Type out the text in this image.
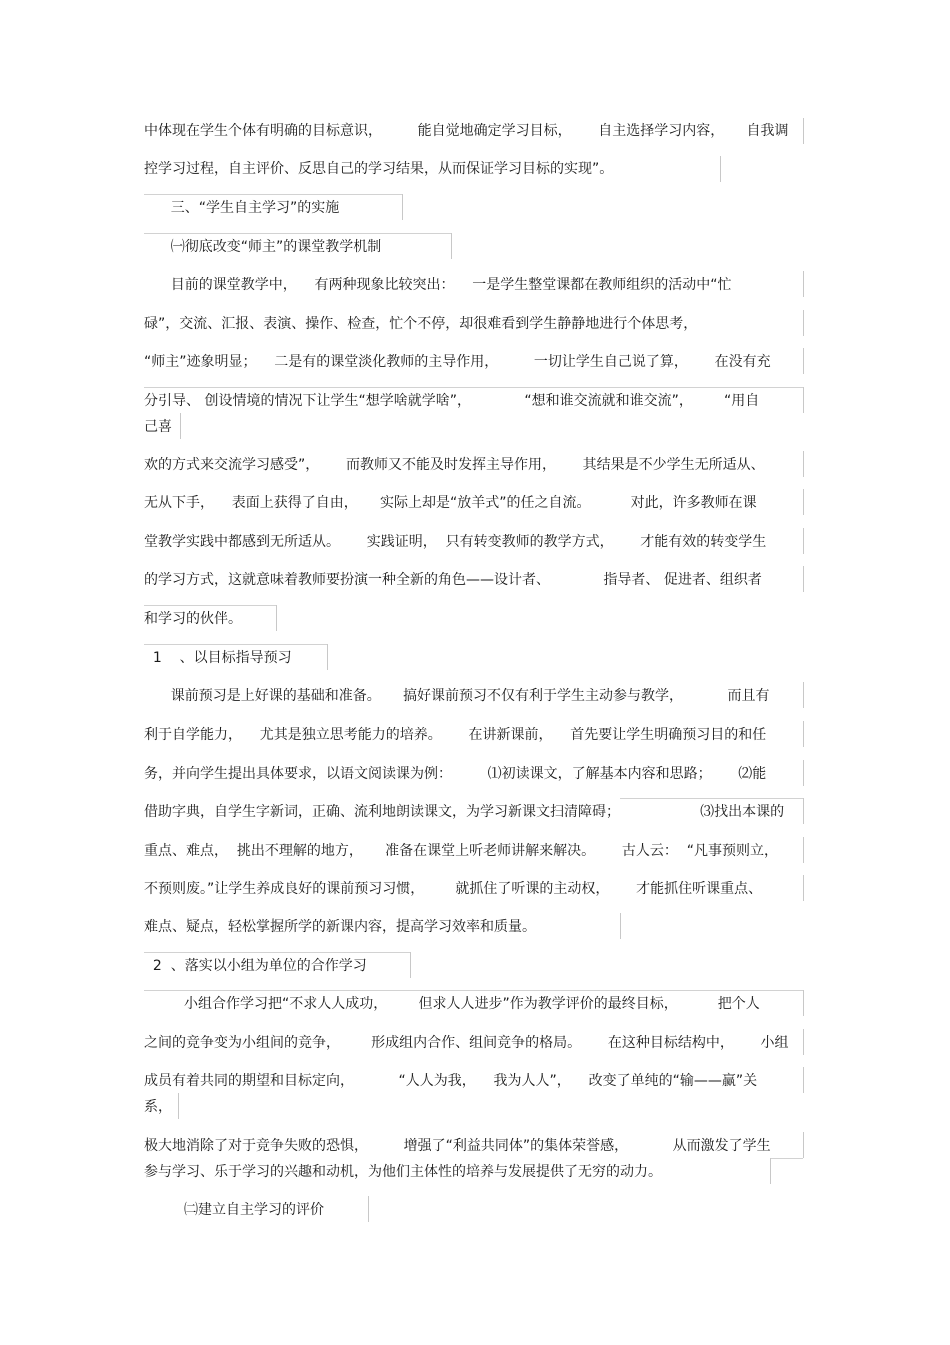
中体现在学生个体有明确的目标意识，        能自觉地确定学习目标，      自主选择学习内容，     自我调
控学习过程，自主评价、反思自己的学习结果，从而保证学习目标的实现”。
三、“学生自主学习”的实施
㈠彻底改变“师主”的课堂教学机制
目前的课堂教学中，    有两种现象比较突出：    一是学生整堂课都在教师组织的活动中“忙
碌”，交流、汇报、表演、操作、检查，忙个不停，却很难看到学生静静地进行个体思考，
“师主”迹象明显；    二是有的课堂淡化教师的主导作用，        一切让学生自己说了算，      在没有充
分引导、 创设情境的情况下让学生“想学啥就学啥”，            “想和谁交流就和谁交流”，       “用自
己喜
欢的方式来交流学习感受”，      而教师又不能及时发挥主导作用，      其结果是不少学生无所适从、
无从下手，    表面上获得了自由，     实际上却是“放羊式”的任之自流。         对此，许多教师在课
堂教学实践中都感到无所适从。      实践证明，  只有转变教师的教学方式，      才能有效的转变学生
的学习方式，这就意味着教师要扮演一种全新的角色——设计者、            指导者、 促进者、组织者
和学习的伙伴。
1    、以目标指导预习
课前预习是上好课的基础和准备。     搞好课前预习不仅有利于学生主动参与教学，          而且有
利于自学能力，    尤其是独立思考能力的培养。      在讲新课前，    首先要让学生明确预习目的和任
务，并向学生提出具体要求，以语文阅读课为例：        ⑴初读课文，了解基本内容和思路；      ⑵能
借助字典，自学生字新词，正确、流利地朗读课文，为学习新课文扫清障碍；                  ⑶找出本课的
重点、难点，  挑出不理解的地方，     准备在课堂上听老师讲解来解决。      古人云：  “凡事预则立，
不预则废。”让学生养成良好的课前预习习惯，       就抓住了听课的主动权，      才能抓住听课重点、
难点、疑点，轻松掌握所学的新课内容，提高学习效率和质量。
2  、落实以小组为单位的合作学习
小组合作学习把“不求人人成功，       但求人人进步”作为教学评价的最终目标，         把个人
之间的竞争变为小组间的竞争，       形成组内合作、组间竞争的格局。      在这种目标结构中，      小组
成员有着共同的期望和目标定向，          “人人为我，    我为人人”，    改变了单纯的“输——赢”关
系，
极大地消除了对于竞争失败的恐惧，        增强了“利益共同体”的集体荣誉感，          从而激发了学生
参与学习、乐于学习的兴趣和动机，为他们主体性的培养与发展提供了无穷的动力。
㈡建立自主学习的评价
